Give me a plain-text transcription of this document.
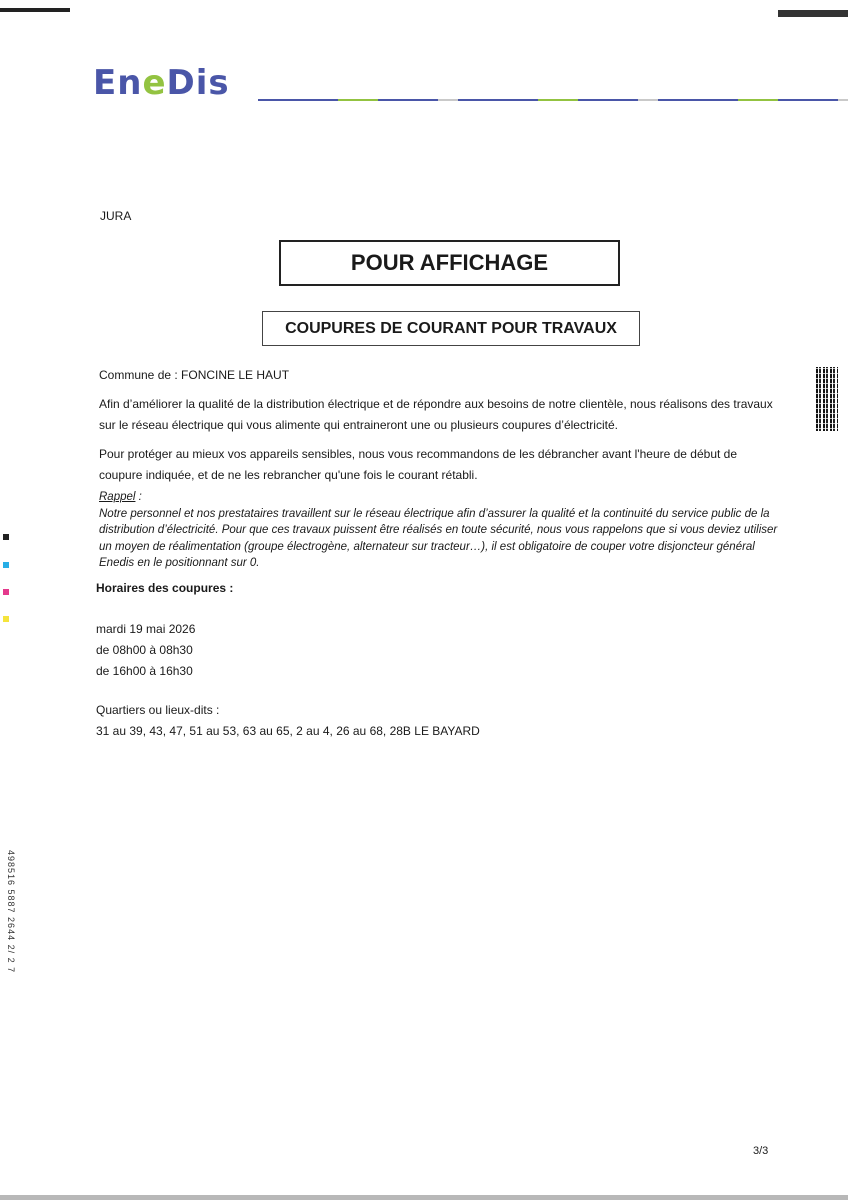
EneDis
JURA
POUR AFFICHAGE
COUPURES DE COURANT POUR TRAVAUX
Commune de : FONCINE LE HAUT
Afin d’améliorer la qualité de la distribution électrique et de répondre aux besoins de notre clientèle, nous réalisons des travaux sur le réseau électrique qui vous alimente qui entraineront une ou plusieurs coupures d’électricité.
Pour protéger au mieux vos appareils sensibles, nous vous recommandons de les débrancher avant l'heure de début de coupure indiquée, et de ne les rebrancher qu'une fois le courant rétabli.
Rappel :
Notre personnel et nos prestataires travaillent sur le réseau électrique afin d’assurer la qualité et la continuité du service public de la distribution d’électricité. Pour que ces travaux puissent être réalisés en toute sécurité, nous vous rappelons que si vous deviez utiliser un moyen de réalimentation (groupe électrogène, alternateur sur tracteur…), il est obligatoire de couper votre disjoncteur général Enedis en le positionnant sur 0.
Horaires des coupures :
mardi 19 mai 2026
de 08h00 à 08h30
de 16h00 à 16h30
Quartiers ou lieux-dits :
31 au 39, 43, 47, 51 au 53, 63 au 65, 2 au 4, 26 au 68, 28B LE BAYARD
498516 5887 2644 2/ 2 7
3/3
